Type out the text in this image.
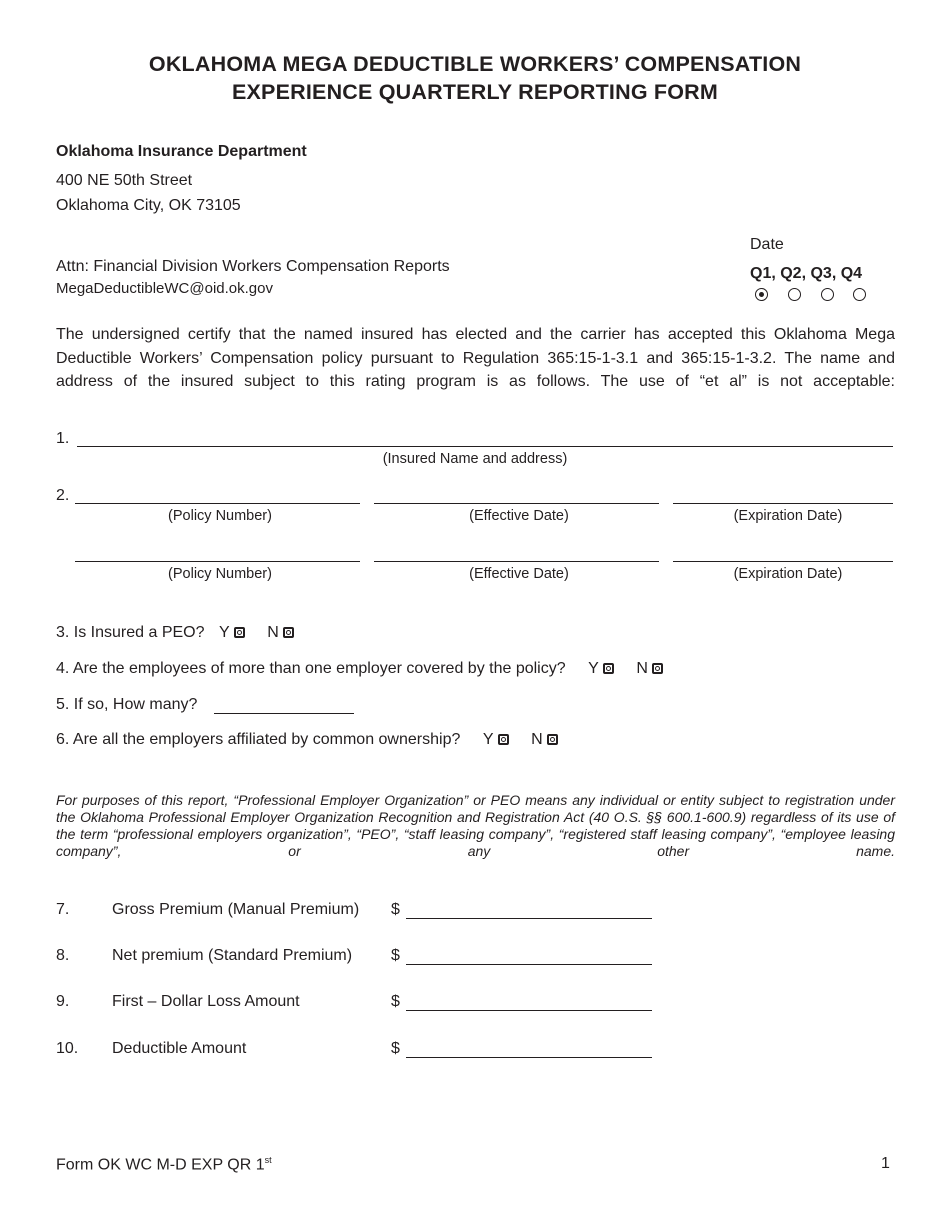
OKLAHOMA MEGA DEDUCTIBLE WORKERS’ COMPENSATION
EXPERIENCE QUARTERLY REPORTING FORM
Oklahoma Insurance Department
400 NE 50th Street
Oklahoma City, OK 73105
Attn: Financial Division Workers Compensation Reports
MegaDeductibleWC@oid.ok.gov
Date
Q1, Q2, Q3, Q4
The undersigned certify that the named insured has elected and the carrier has accepted this Oklahoma Mega Deductible Workers’ Compensation policy pursuant to Regulation 365:15-1-3.1 and 365:15-1-3.2. The name and address of the insured subject to this rating program is as follows. The use of “et al” is not acceptable:
1.
(Insured Name and address)
2.
(Policy Number)	(Effective Date)	(Expiration Date)
(Policy Number)	(Effective Date)	(Expiration Date)
3. Is Insured a PEO? Y N
4. Are the employees of more than one employer covered by the policy? Y N
5. If so, How many?
6. Are all the employers affiliated by common ownership? Y N
For purposes of this report, “Professional Employer Organization” or PEO means any individual or entity subject to registration under the Oklahoma Professional Employer Organization Recognition and Registration Act (40 O.S. §§ 600.1-600.9) regardless of its use of the term “professional employers organization”, “PEO”, “staff leasing company”, “registered staff leasing company”, “employee leasing company”, or any other name.
7.	Gross Premium (Manual Premium) $
8.	Net premium (Standard Premium) $
9.	First – Dollar Loss Amount	$
10. Deductible Amount	$
Form OK WC M-D EXP QR 1st	1
